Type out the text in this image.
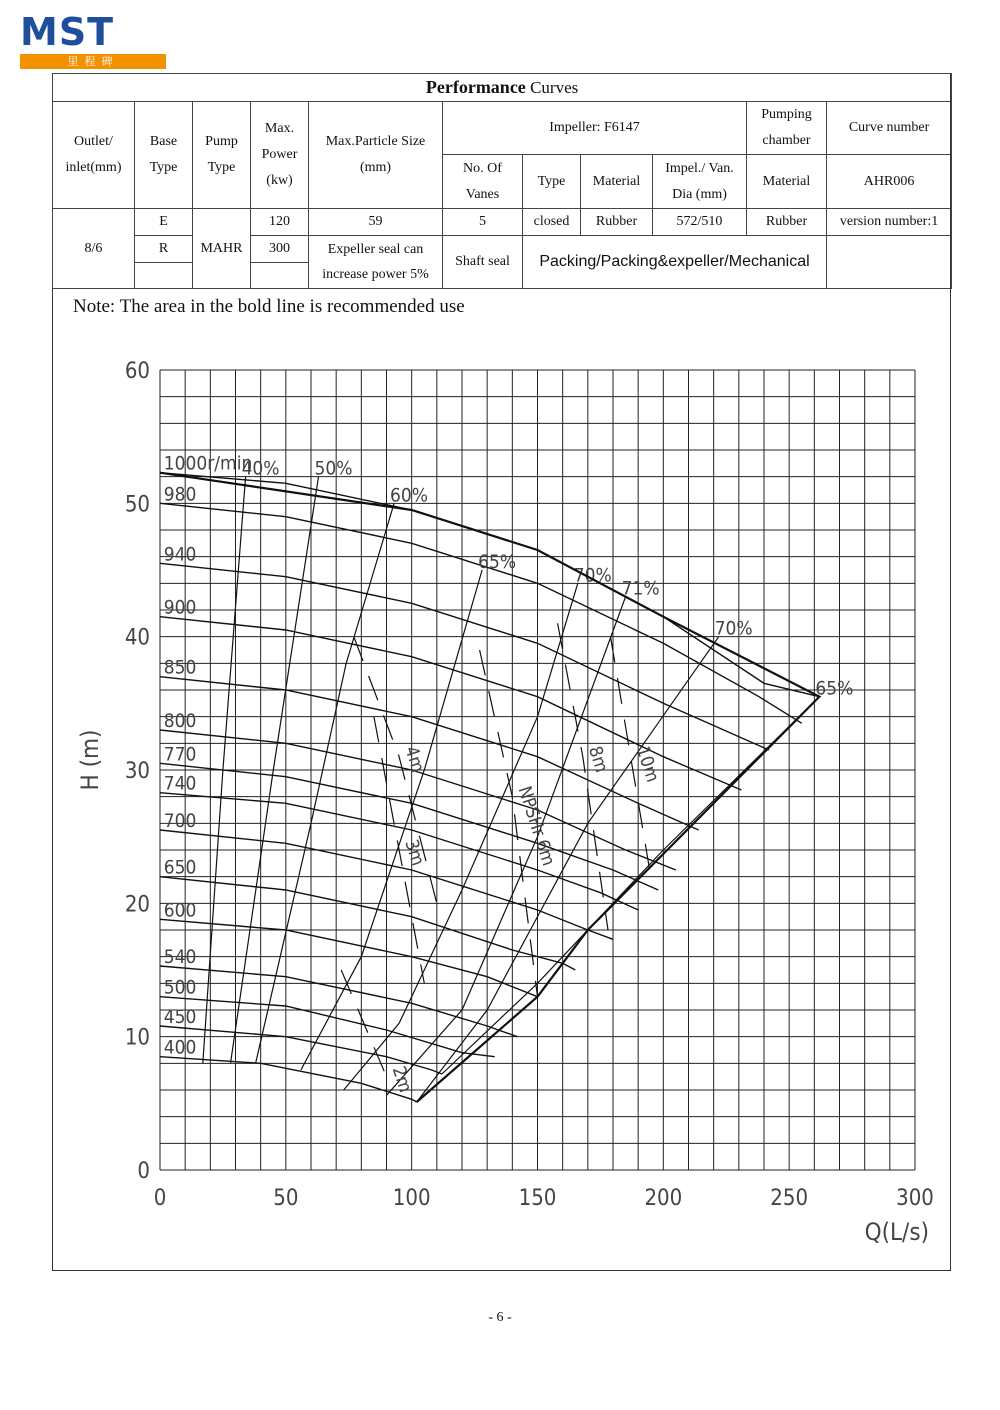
MST
里程碑
Performance Curves										
Outlet/ inlet(mm)	Base Type	Pump Type	Max. Power (kw)	Max.Particle Size (mm)	Impeller: F6147				Pumping chamber	Curve number
					No. Of Vanes	Type	Material	Impel./ Van. Dia (mm)	Material	AHR006
8/6	E	MAHR	120	59	5	closed	Rubber	572/510	Rubber	version number:1
	R		300	Expeller seal can increase power 5%	Shaft seal	Packing/Packing&expeller/Mechanical				

Note: The area in the bold line is recommended use
0	50	100	150	200	250	300
0
10
20
30
40
50
60
Q(L/s)
H (m)
1000r/min
980
940
900
850
800
770
740
700
650
600
540
500
450
400
40% 50%
60%
65%
70%
71%
70%
65%
2m
3m
4m
NPSHr 6m
8m 10m
- 6 -
